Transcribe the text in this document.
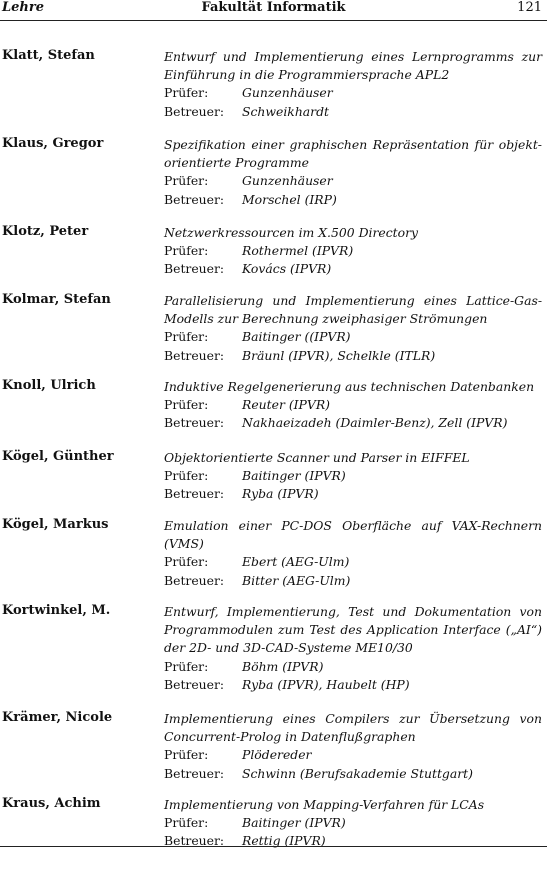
Lehre	Fakultät Informatik	121
Klatt, Stefan	Entwurf und Implementierung eines Lernprogramms zur
Einführung in die Programmiersprache APL2
Prüfer:	Gunzenhäuser
Betreuer:	Schweikhardt
Klaus, Gregor	Spezifikation einer graphischen Repräsentation für objekt-
orientierte Programme
Prüfer:	Gunzenhäuser
Betreuer:	Morschel (IRP)
Klotz, Peter	Netzwerkressourcen im X.500 Directory
Prüfer:	Rothermel (IPVR)
Betreuer:	Kovács (IPVR)
Kolmar, Stefan	Parallelisierung und Implementierung eines Lattice-Gas-
Modells zur Berechnung zweiphasiger Strömungen
Prüfer:	Baitinger ((IPVR)
Betreuer:	Bräunl (IPVR), Schelkle (ITLR)
Knoll, Ulrich	Induktive Regelgenerierung aus technischen Datenbanken
Prüfer:	Reuter (IPVR)
Betreuer:	Nakhaeizadeh (Daimler-Benz), Zell (IPVR)
Kögel, Günther	Objektorientierte Scanner und Parser in EIFFEL
Prüfer:	Baitinger (IPVR)
Betreuer:	Ryba (IPVR)
Kögel, Markus	Emulation einer PC-DOS Oberfläche auf VAX-Rechnern
(VMS)
Prüfer:	Ebert (AEG-Ulm)
Betreuer:	Bitter (AEG-Ulm)
Kortwinkel, M.	Entwurf, Implementierung, Test und Dokumentation von
Programmodulen zum Test des Application Interface („AI“)
der 2D- und 3D-CAD-Systeme ME10/30
Prüfer:	Böhm (IPVR)
Betreuer:	Ryba (IPVR), Haubelt (HP)
Krämer, Nicole	Implementierung eines Compilers zur Übersetzung von
Concurrent-Prolog in Datenflußgraphen
Prüfer:	Plödereder
Betreuer:	Schwinn (Berufsakademie Stuttgart)
Kraus, Achim	Implementierung von Mapping-Verfahren für LCAs
Prüfer:	Baitinger (IPVR)
Betreuer:	Rettig (IPVR)
